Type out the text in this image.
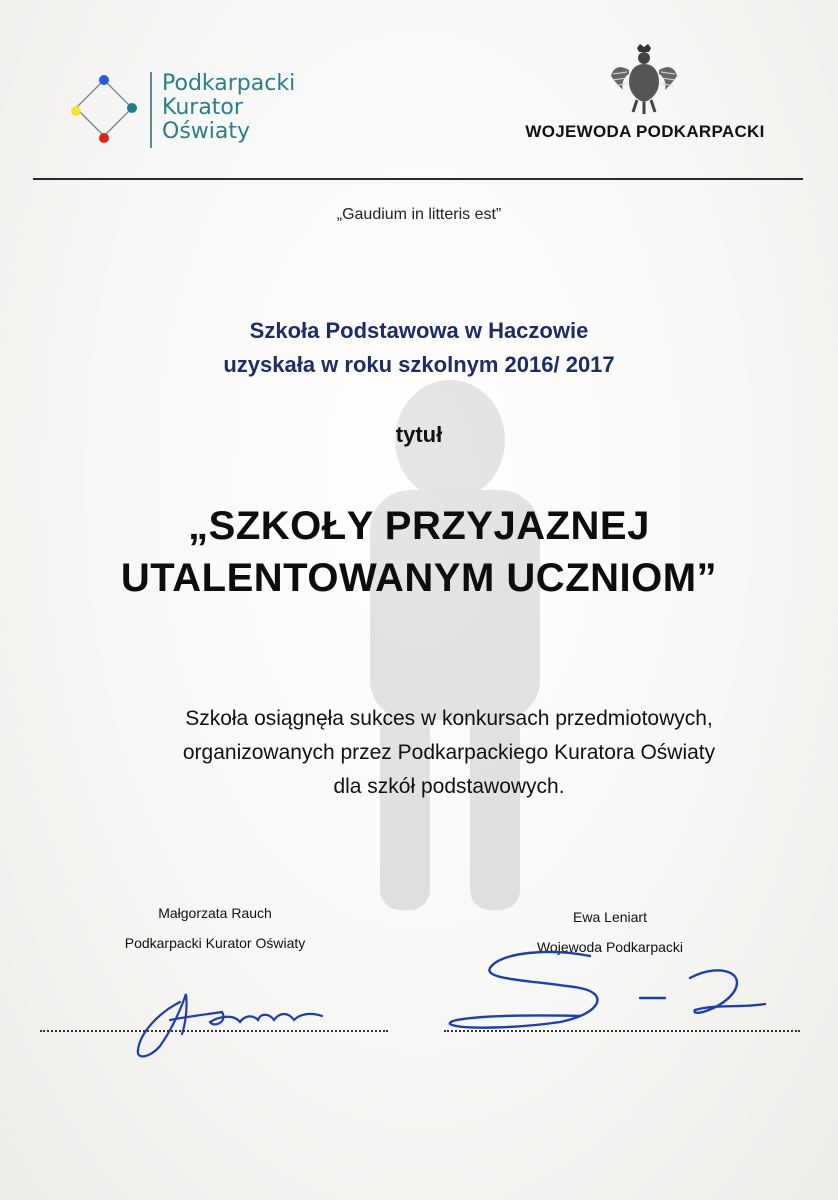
Podkarpacki
Kurator
Oświaty	WOJEWODA PODKARPACKI
„Gaudium in litteris est”
Szkoła Podstawowa w Haczowie
uzyskała w roku szkolnym 2016/ 2017
tytuł
„SZKOŁY PRZYJAZNEJ
UTALENTOWANYM UCZNIOM”
Szkoła osiągnęła sukces w konkursach przedmiotowych,
organizowanych przez Podkarpackiego Kuratora Oświaty
dla szkół podstawowych.
Małgorzata Rauch
Podkarpacki Kurator Oświaty
Ewa Leniart
Wojewoda Podkarpacki
